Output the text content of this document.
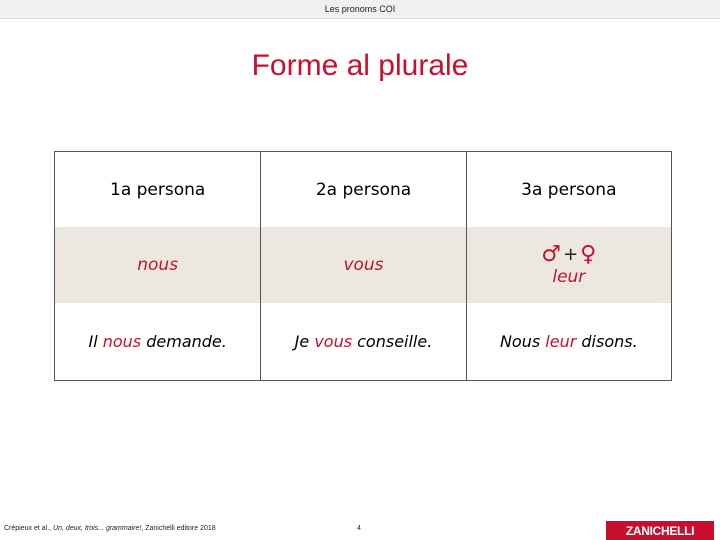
Les pronoms COI
Forme al plurale
1a persona	2a persona	3a persona
nous	vous	♂ + ♀
leur
Il nous demande.	Je vous conseille.	Nous leur disons.
Crépieux et al., Un, deux, trois... grammaire!, Zanichelli editore 2018	4	ZANICHELLI
